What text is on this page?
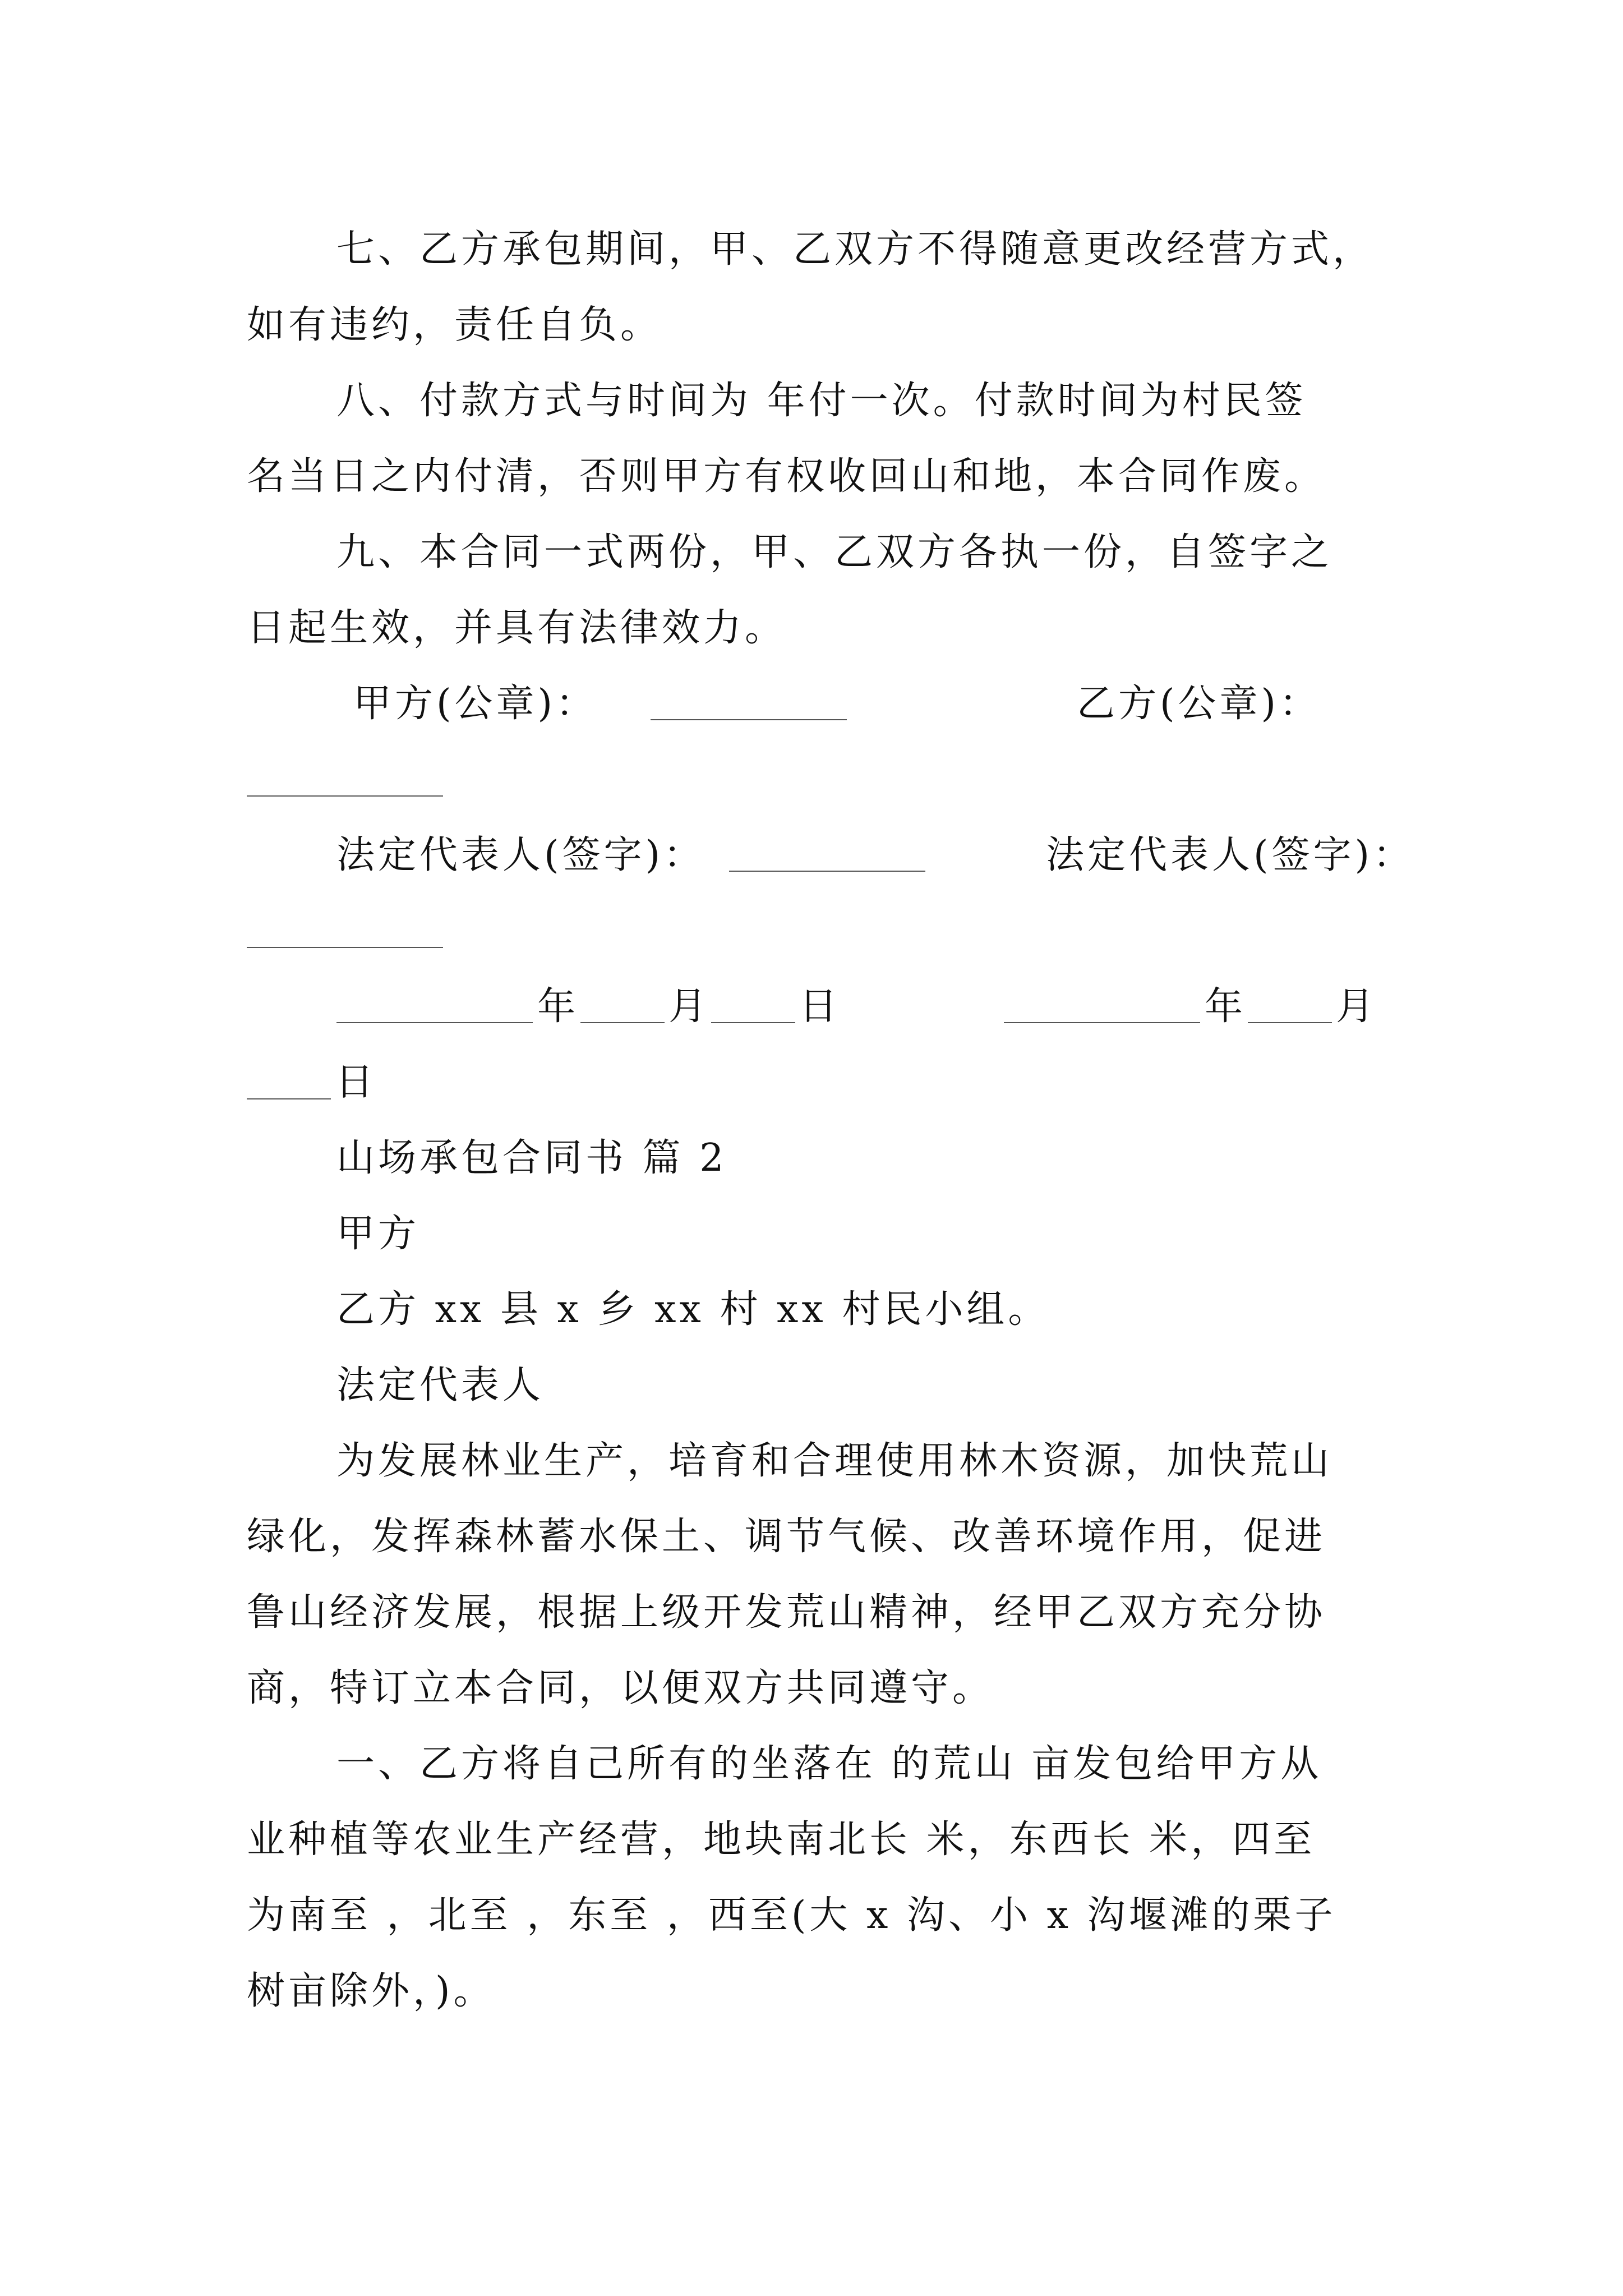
七、乙方承包期间，甲、乙双方不得随意更改经营方式，
如有违约，责任自负。
八、付款方式与时间为 年付一次。付款时间为村民签
名当日之内付清，否则甲方有权收回山和地，本合同作废。
九、本合同一式两份，甲、乙双方各执一份，自签字之
日起生效，并具有法律效力。
甲方(公章)：	乙方(公章)：
法定代表人(签字)：	法定代表人(签字)：
年 月 日	年 月
日
山场承包合同书 篇 2
甲方
乙方 xx 县 x 乡 xx 村 xx 村民小组。
法定代表人
为发展林业生产，培育和合理使用林木资源，加快荒山
绿化，发挥森林蓄水保土、调节气候、改善环境作用，促进
鲁山经济发展，根据上级开发荒山精神，经甲乙双方充分协
商，特订立本合同，以便双方共同遵守。
一、乙方将自己所有的坐落在 的荒山 亩发包给甲方从
业种植等农业生产经营，地块南北长 米，东西长 米，四至
为南至 ，北至 ，东至 ，西至(大 x 沟、小 x 沟堰滩的栗子
树亩除外，)。
